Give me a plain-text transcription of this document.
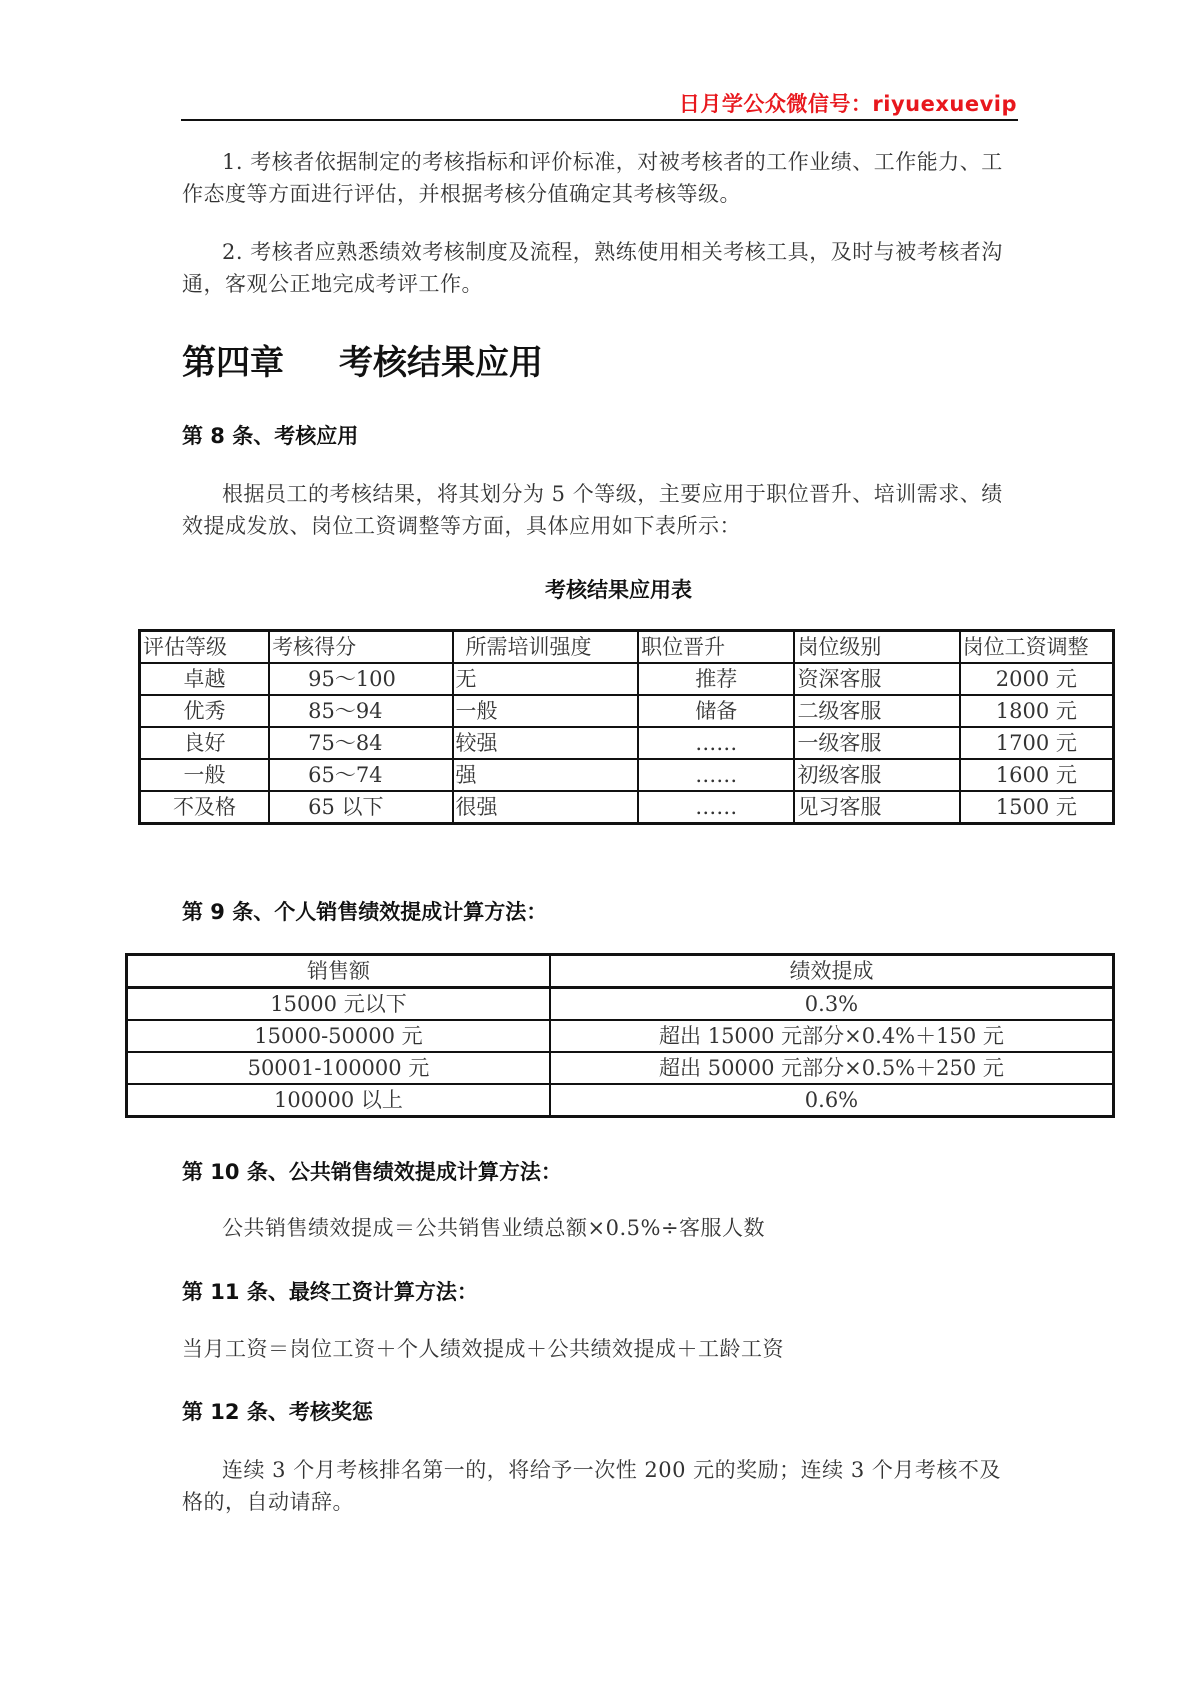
日月学公众微信号：riyuexuevip
1. 考核者依据制定的考核指标和评价标准，对被考核者的工作业绩、工作能力、工作态度等方面进行评估，并根据考核分值确定其考核等级。
2. 考核者应熟悉绩效考核制度及流程，熟练使用相关考核工具，及时与被考核者沟通，客观公正地完成考评工作。
第四章 考核结果应用
第 8 条、考核应用
根据员工的考核结果，将其划分为 5 个等级，主要应用于职位晋升、培训需求、绩效提成发放、岗位工资调整等方面，具体应用如下表所示：
考核结果应用表
评估等级	考核得分	所需培训强度	职位晋升	岗位级别	岗位工资调整
卓越	95～100	无	推荐	资深客服	2000 元
优秀	85～94	一般	储备	二级客服	1800 元
良好	75～84	较强	……	一级客服	1700 元
一般	65～74	强	……	初级客服	1600 元
不及格	65 以下	很强	……	见习客服	1500 元
第 9 条、个人销售绩效提成计算方法：
销售额	绩效提成
15000 元以下	0.3%
15000-50000 元	超出 15000 元部分×0.4%＋150 元
50001-100000 元	超出 50000 元部分×0.5%＋250 元
100000 以上	0.6%
第 10 条、公共销售绩效提成计算方法：
公共销售绩效提成＝公共销售业绩总额×0.5%÷客服人数
第 11 条、最终工资计算方法：
当月工资＝岗位工资＋个人绩效提成＋公共绩效提成＋工龄工资
第 12 条、考核奖惩
连续 3 个月考核排名第一的，将给予一次性 200 元的奖励；连续 3 个月考核不及格的，自动请辞。
